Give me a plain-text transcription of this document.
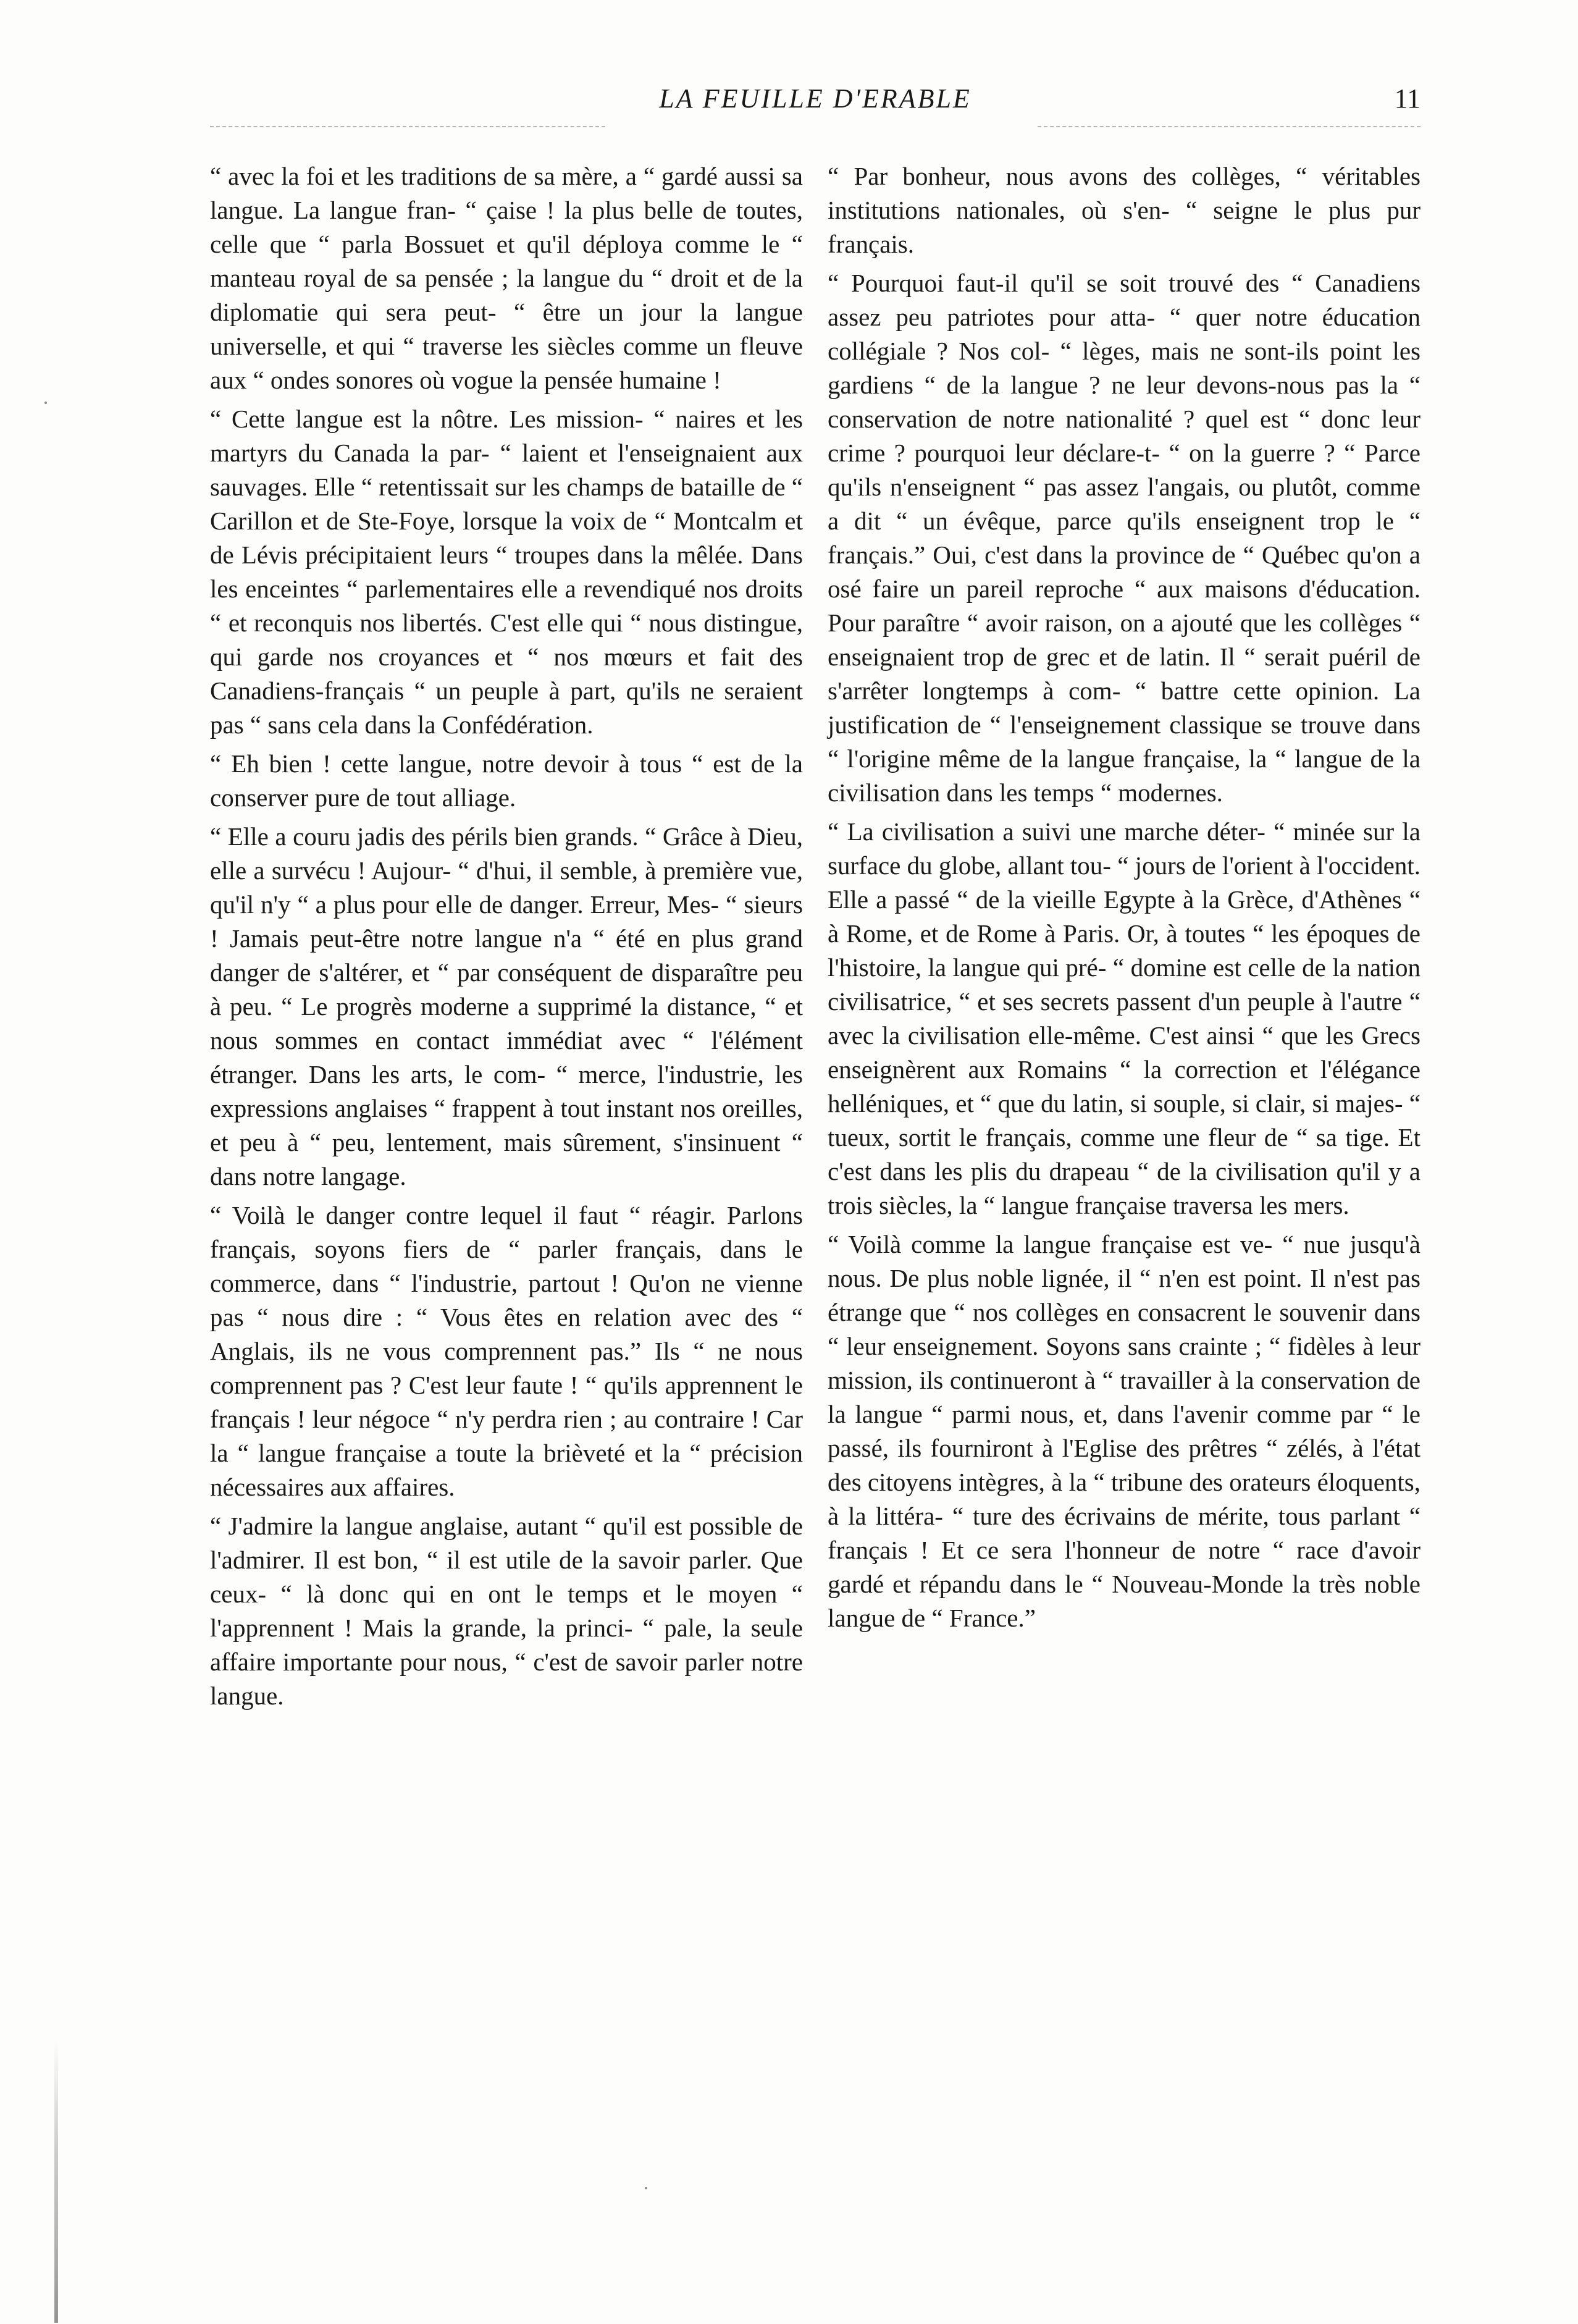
LA FEUILLE D'ERABLE	11

“ avec la foi et les traditions de sa mère, a “ gardé aussi sa langue. La langue fran- “ çaise ! la plus belle de toutes, celle que “ parla Bossuet et qu'il déploya comme le “ manteau royal de sa pensée ; la langue du “ droit et de la diplomatie qui sera peut- “ être un jour la langue universelle, et qui “ traverse les siècles comme un fleuve aux “ ondes sonores où vogue la pensée humaine !

“ Cette langue est la nôtre. Les mission- “ naires et les martyrs du Canada la par- “ laient et l'enseignaient aux sauvages. Elle “ retentissait sur les champs de bataille de “ Carillon et de Ste-Foye, lorsque la voix de “ Montcalm et de Lévis précipitaient leurs “ troupes dans la mêlée. Dans les enceintes “ parlementaires elle a revendiqué nos droits “ et reconquis nos libertés. C'est elle qui “ nous distingue, qui garde nos croyances et “ nos mœurs et fait des Canadiens-français “ un peuple à part, qu'ils ne seraient pas “ sans cela dans la Confédération.

“ Eh bien ! cette langue, notre devoir à tous “ est de la conserver pure de tout alliage.

“ Elle a couru jadis des périls bien grands. “ Grâce à Dieu, elle a survécu ! Aujour- “ d'hui, il semble, à première vue, qu'il n'y “ a plus pour elle de danger. Erreur, Mes- “ sieurs ! Jamais peut-être notre langue n'a “ été en plus grand danger de s'altérer, et “ par conséquent de disparaître peu à peu. “ Le progrès moderne a supprimé la distance, “ et nous sommes en contact immédiat avec “ l'élément étranger. Dans les arts, le com- “ merce, l'industrie, les expressions anglaises “ frappent à tout instant nos oreilles, et peu à “ peu, lentement, mais sûrement, s'insinuent “ dans notre langage.

“ Voilà le danger contre lequel il faut “ réagir. Parlons français, soyons fiers de “ parler français, dans le commerce, dans “ l'industrie, partout ! Qu'on ne vienne pas “ nous dire : “ Vous êtes en relation avec des “ Anglais, ils ne vous comprennent pas.” Ils “ ne nous comprennent pas ? C'est leur faute ! “ qu'ils apprennent le français ! leur négoce “ n'y perdra rien ; au contraire ! Car la “ langue française a toute la brièveté et la “ précision nécessaires aux affaires.

“ J'admire la langue anglaise, autant “ qu'il est possible de l'admirer. Il est bon, “ il est utile de la savoir parler. Que ceux- “ là donc qui en ont le temps et le moyen “ l'apprennent ! Mais la grande, la princi- “ pale, la seule affaire importante pour nous, “ c'est de savoir parler notre langue.

“ Par bonheur, nous avons des collèges, “ véritables institutions nationales, où s'en- “ seigne le plus pur français.

“ Pourquoi faut-il qu'il se soit trouvé des “ Canadiens assez peu patriotes pour atta- “ quer notre éducation collégiale ? Nos col- “ lèges, mais ne sont-ils point les gardiens “ de la langue ? ne leur devons-nous pas la “ conservation de notre nationalité ? quel est “ donc leur crime ? pourquoi leur déclare-t- “ on la guerre ? “ Parce qu'ils n'enseignent “ pas assez l'angais, ou plutôt, comme a dit “ un évêque, parce qu'ils enseignent trop le “ français.” Oui, c'est dans la province de “ Québec qu'on a osé faire un pareil reproche “ aux maisons d'éducation. Pour paraître “ avoir raison, on a ajouté que les collèges “ enseignaient trop de grec et de latin. Il “ serait puéril de s'arrêter longtemps à com- “ battre cette opinion. La justification de “ l'enseignement classique se trouve dans “ l'origine même de la langue française, la “ langue de la civilisation dans les temps “ modernes.

“ La civilisation a suivi une marche déter- “ minée sur la surface du globe, allant tou- “ jours de l'orient à l'occident. Elle a passé “ de la vieille Egypte à la Grèce, d'Athènes “ à Rome, et de Rome à Paris. Or, à toutes “ les époques de l'histoire, la langue qui pré- “ domine est celle de la nation civilisatrice, “ et ses secrets passent d'un peuple à l'autre “ avec la civilisation elle-même. C'est ainsi “ que les Grecs enseignèrent aux Romains “ la correction et l'élégance helléniques, et “ que du latin, si souple, si clair, si majes- “ tueux, sortit le français, comme une fleur de “ sa tige. Et c'est dans les plis du drapeau “ de la civilisation qu'il y a trois siècles, la “ langue française traversa les mers.

“ Voilà comme la langue française est ve- “ nue jusqu'à nous. De plus noble lignée, il “ n'en est point. Il n'est pas étrange que “ nos collèges en consacrent le souvenir dans “ leur enseignement. Soyons sans crainte ; “ fidèles à leur mission, ils continueront à “ travailler à la conservation de la langue “ parmi nous, et, dans l'avenir comme par “ le passé, ils fourniront à l'Eglise des prêtres “ zélés, à l'état des citoyens intègres, à la “ tribune des orateurs éloquents, à la littéra- “ ture des écrivains de mérite, tous parlant “ français ! Et ce sera l'honneur de notre “ race d'avoir gardé et répandu dans le “ Nouveau-Monde la très noble langue de “ France.”
